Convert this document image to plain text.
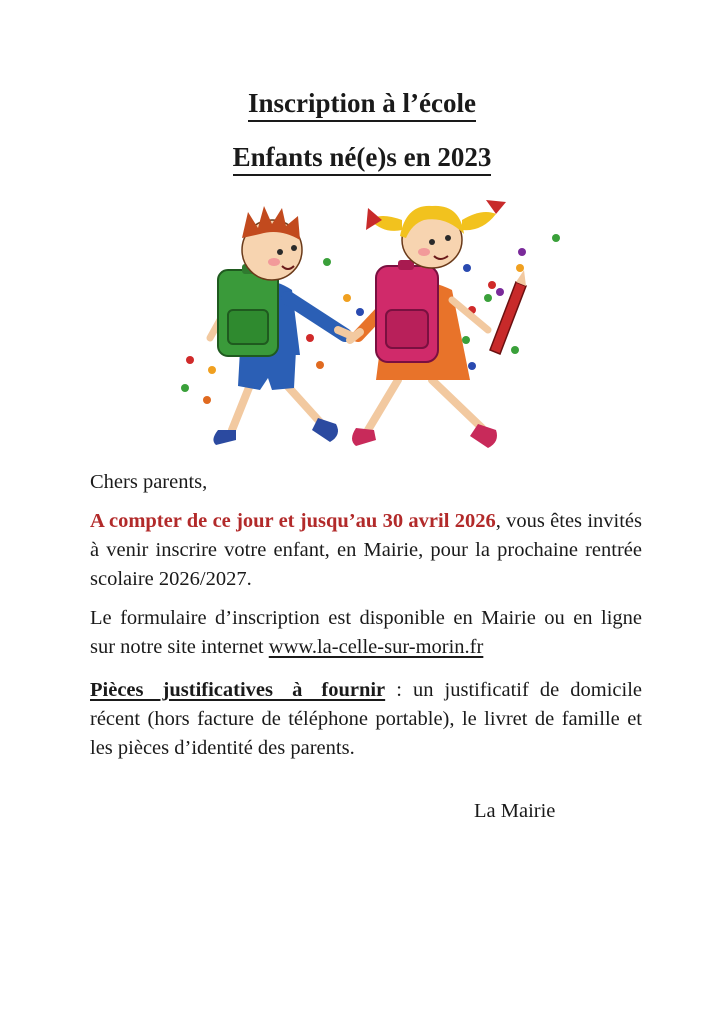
Inscription à l’école
Enfants né(e)s en 2023

Chers parents,

A compter de ce jour et jusqu’au 30 avril 2026, vous êtes invités à venir inscrire votre enfant, en Mairie, pour la prochaine rentrée scolaire 2026/2027.

Le formulaire d’inscription est disponible en Mairie ou en ligne sur notre site internet www.la-celle-sur-morin.fr

Pièces justificatives à fournir : un justificatif de domicile récent (hors facture de téléphone portable), le livret de famille et les pièces d’identité des parents.

La Mairie
